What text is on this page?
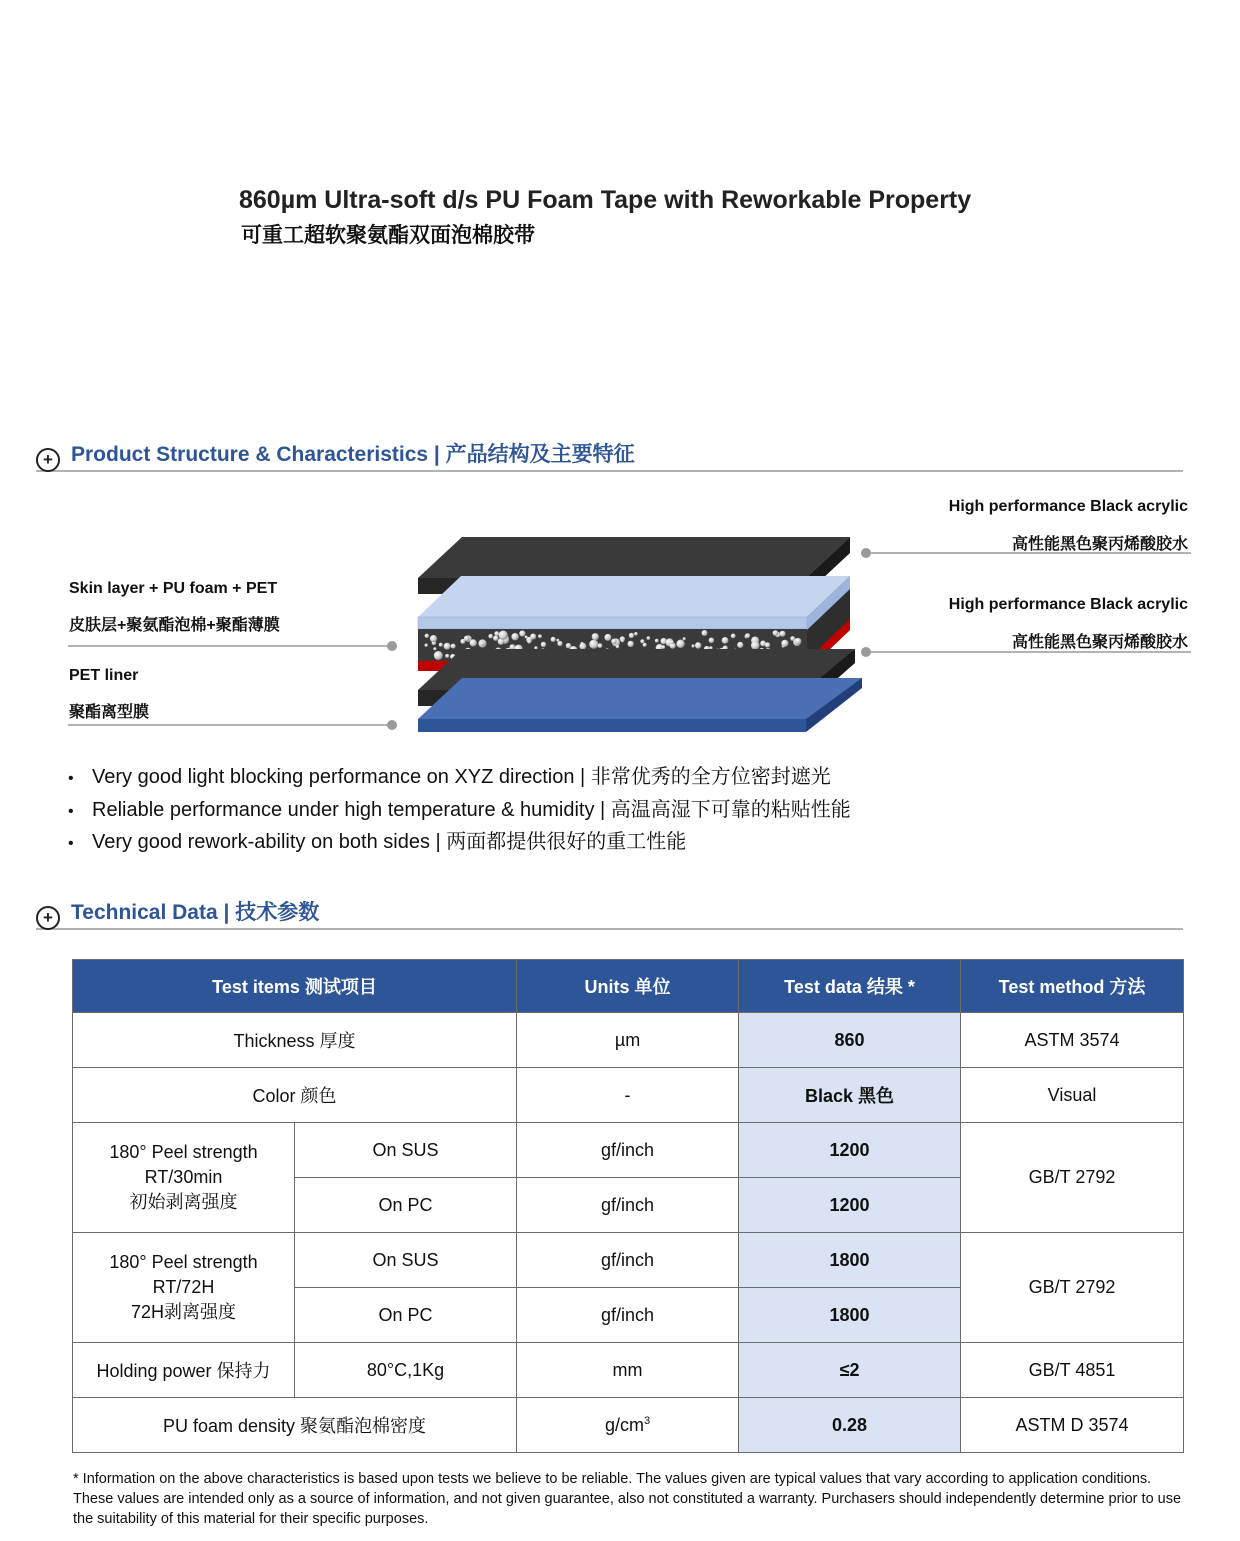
860µm Ultra-soft d/s PU Foam Tape with Reworkable Property
可重工超软聚氨酯双面泡棉胶带
+ Product Structure & Characteristics | 产品结构及主要特征
High performance Black acrylic
高性能黑色聚丙烯酸胶水
High performance Black acrylic
高性能黑色聚丙烯酸胶水
Skin layer + PU foam + PET
皮肤层+聚氨酯泡棉+聚酯薄膜
PET liner
聚酯离型膜
• Very good light blocking performance on XYZ direction | 非常优秀的全方位密封遮光
• Reliable performance under high temperature & humidity | 高温高湿下可靠的粘贴性能
• Very good rework-ability on both sides | 两面都提供很好的重工性能
+ Technical Data | 技术参数
Test items 测试项目		Units 单位	Test data 结果 *	Test method 方法
Thickness 厚度		µm	860	ASTM 3574
Color 颜色		-	Black 黑色	Visual

180° Peel strength
RT/30min
初始剥离强度	On SUS	gf/inch	1200	GB/T 2792
	On PC	gf/inch	1200	

180° Peel strength
RT/72H
72H剥离强度	On SUS	gf/inch	1800	GB/T 2792
	On PC	gf/inch	1800	
Holding power 保持力	80°C,1Kg	mm	≤2	GB/T 4851
PU foam density 聚氨酯泡棉密度		$g/cm^3$	0.28	ASTM D 3574
* Information on the above characteristics is based upon tests we believe to be reliable. The values given are typical values that vary according to application conditions. These values are intended only as a source of information, and not given guarantee, also not constituted a warranty. Purchasers should independently determine prior to use the suitability of this material for their specific purposes.
